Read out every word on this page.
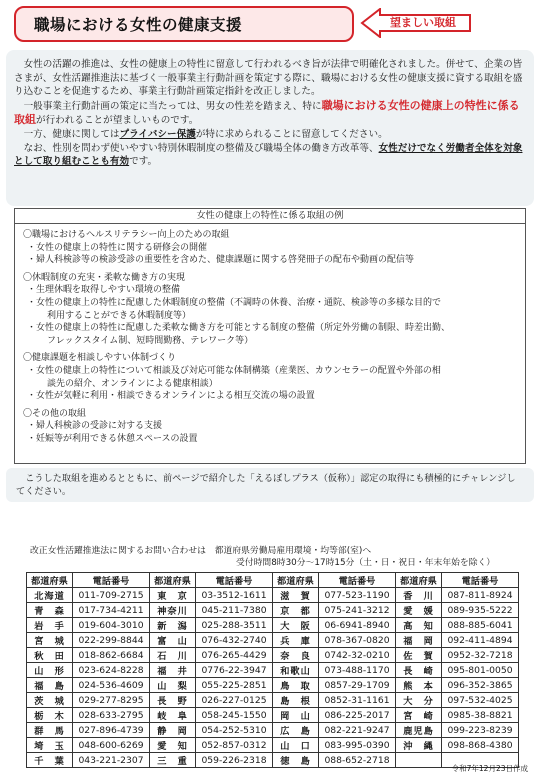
職場における女性の健康支援	望ましい取組

女性の活躍の推進は、女性の健康上の特性に留意して行われるべき旨が法律で明確化されました。併せて、企業の皆さまが、女性活躍推進法に基づく一般事業主行動計画を策定する際に、職場における女性の健康支援に資する取組を盛り込むことを促進するため、事業主行動計画策定指針を改正しました。

一般事業主行動計画の策定に当たっては、男女の性差を踏まえ、特に職場における女性の健康上の特性に係る取組が行われることが望ましいものです。

一方、健康に関してはプライバシー保護が特に求められることに留意してください。

なお、性別を問わず使いやすい特別休暇制度の整備及び職場全体の働き方改革等、女性だけでなく労働者全体を対象として取り組むことも有効です。

女性の健康上の特性に係る取組の例
〇職場におけるヘルスリテラシー向上のための取組
・女性の健康上の特性に関する研修会の開催
・婦人科検診等の検診受診の重要性を含めた、健康課題に関する啓発冊子の配布や動画の配信等
〇休暇制度の充実・柔軟な働き方の実現
・生理休暇を取得しやすい環境の整備
・女性の健康上の特性に配慮した休暇制度の整備（不調時の休養、治療・通院、検診等の多様な目的で
利用することができる休暇制度等）
・女性の健康上の特性に配慮した柔軟な働き方を可能とする制度の整備（所定外労働の制限、時差出勤、
フレックスタイム制、短時間勤務、テレワーク等）
〇健康課題を相談しやすい体制づくり
・女性の健康上の特性について相談及び対応可能な体制構築（産業医、カウンセラーの配置や外部の相
談先の紹介、オンラインによる健康相談）
・女性が気軽に利用・相談できるオンラインによる相互交流の場の設置
〇その他の取組
・婦人科検診の受診に対する支援
・妊娠等が利用できる休憩スペースの設置

こうした取組を進めるとともに、前ページで紹介した「えるぼしプラス（仮称）」認定の取得にも積極的にチャレンジしてください。

改正女性活躍推進法に関するお問い合わせは　都道府県労働局雇用環境・均等部(室)へ
受付時間8時30分～17時15分（土・日・祝日・年末年始を除く）
都道府県	電話番号	都道府県	電話番号	都道府県	電話番号	都道府県	電話番号
北海道	011-709-2715	東　京	03-3512-1611	滋　賀	077-523-1190	香　川	087-811-8924
青　森	017-734-4211	神奈川	045-211-7380	京　都	075-241-3212	愛　媛	089-935-5222
岩　手	019-604-3010	新　潟	025-288-3511	大　阪	06-6941-8940	高　知	088-885-6041
宮　城	022-299-8844	富　山	076-432-2740	兵　庫	078-367-0820	福　岡	092-411-4894
秋　田	018-862-6684	石　川	076-265-4429	奈　良	0742-32-0210	佐　賀	0952-32-7218
山　形	023-624-8228	福　井	0776-22-3947	和歌山	073-488-1170	長　崎	095-801-0050
福　島	024-536-4609	山　梨	055-225-2851	鳥　取	0857-29-1709	熊　本	096-352-3865
茨　城	029-277-8295	長　野	026-227-0125	島　根	0852-31-1161	大　分	097-532-4025
栃　木	028-633-2795	岐　阜	058-245-1550	岡　山	086-225-2017	宮　崎	0985-38-8821
群　馬	027-896-4739	静　岡	054-252-5310	広　島	082-221-9247	鹿児島	099-223-8239
埼　玉	048-600-6269	愛　知	052-857-0312	山　口	083-995-0390	沖　縄	098-868-4380
千　葉	043-221-2307	三　重	059-226-2318	徳　島	088-652-2718		
令和7年12月23日作成
